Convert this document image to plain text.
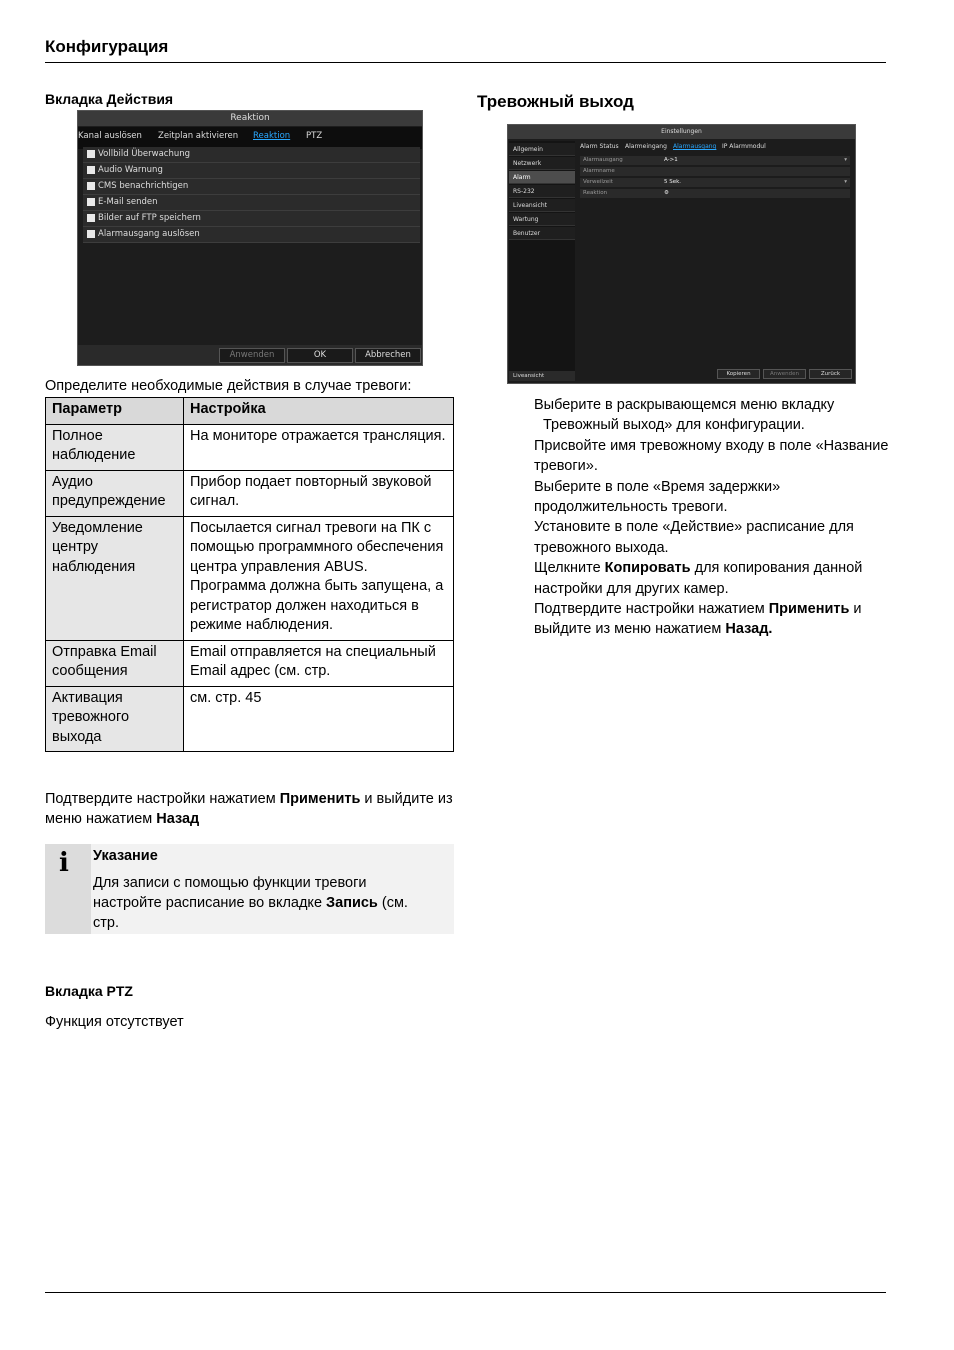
Конфигурация
Вкладка Действия
Reaktion
Kanal auslösen Zeitplan aktivieren Reaktion PTZ
Vollbild Überwachung
Audio Warnung
CMS benachrichtigen
E-Mail senden
Bilder auf FTP speichern
Alarmausgang auslösen
Anwenden	OK	Abbrechen
Определите необходимые действия в случае тревоги:
Параметр	Настройка
Полное наблюдение	На мониторе отражается трансляция.
Аудио предупреждение	Прибор подает повторный звуковой сигнал.
Уведомление центру наблюдения	Посылается сигнал тревоги на ПК с помощью программного обеспечения центра управления ABUS. Программа должна быть запущена, а регистратор должен находиться в режиме наблюдения.
Отправка Email сообщения	Email отправляется на специальный Email адрес (см. стр.
Активация тревожного выхода	см. стр. 45
Подтвердите настройки нажатием Применить и выйдите из меню нажатием Назад
i Указание
Для записи с помощью функции тревоги настройте расписание во вкладке Запись (см. стр.
Вкладка PTZ
Функция отсутствует
Тревожный выход
Einstellungen
Allgemein
Netzwerk
Alarm
RS-232
Liveansicht
Wartung
Benutzer
Alarm Status Alarmeingang Alarmausgang IP Alarmmodul
Alarmausgang	A->1	▾
Alarmname
Verweilzeit	5 Sek.	▾
Reaktion	⚙
Liveansicht	Kopieren	Anwenden	Zurück

Выберите в раскрывающемся меню вкладку

Тревожный выход» для конфигурации.

Присвойте имя тревожному входу в поле «Название тревоги».

Выберите в поле «Время задержки» продолжительность тревоги.

Установите в поле «Действие» расписание для тревожного выхода.

Щелкните Копировать для копирования данной настройки для других камер.

Подтвердите настройки нажатием Применить и выйдите из меню нажатием Назад.
